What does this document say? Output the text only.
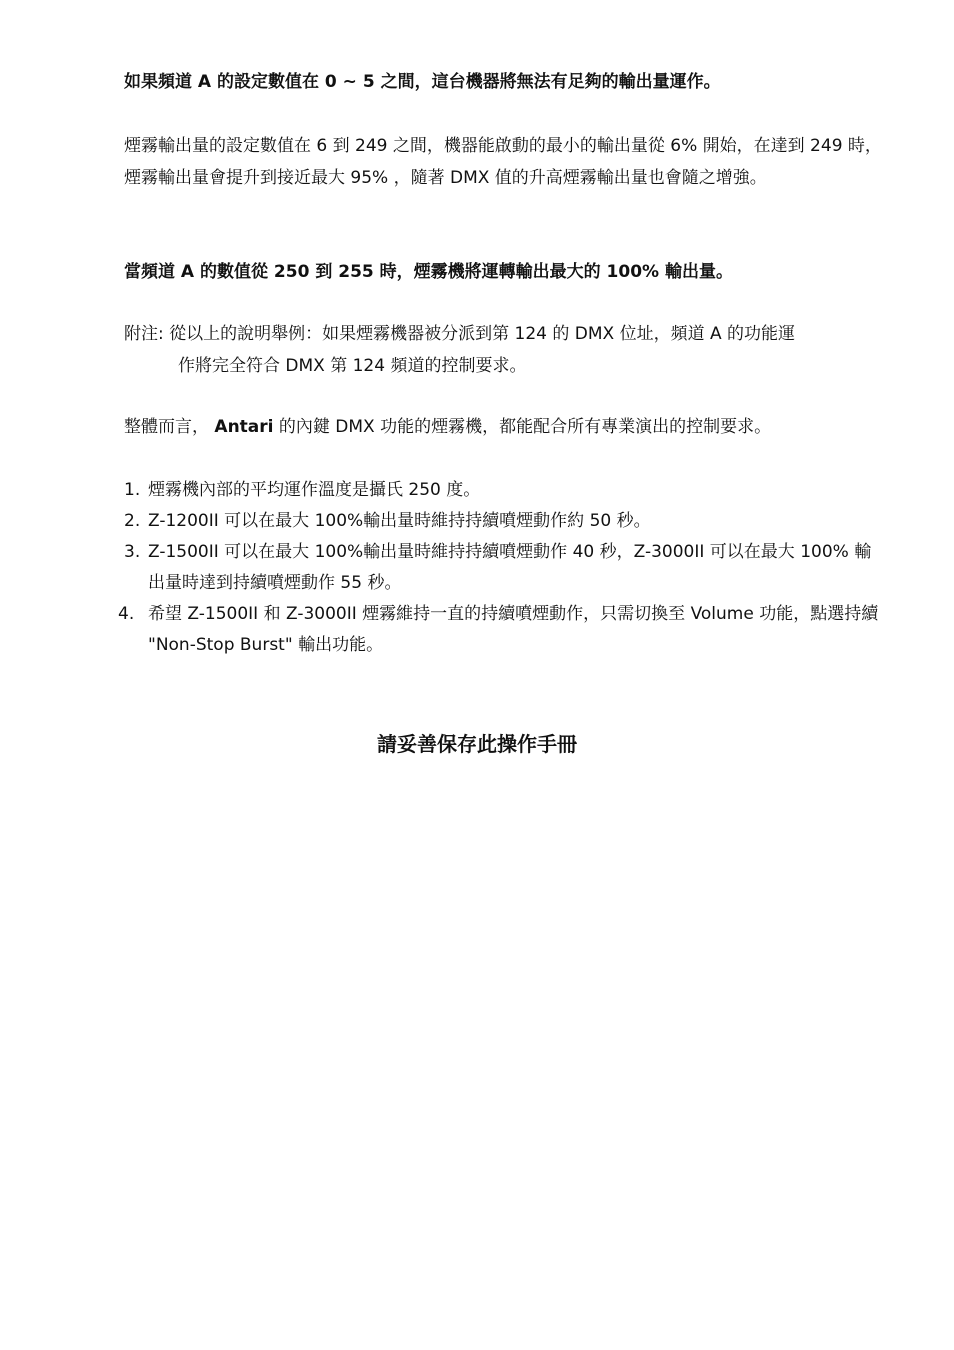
如果頻道 A 的設定數值在 0 ~ 5 之間，這台機器將無法有足夠的輸出量運作。
煙霧輸出量的設定數值在 6 到 249 之間，機器能啟動的最小的輸出量從 6% 開始，在達到 249 時，煙霧輸出量會提升到接近最大 95% ，隨著 DMX 值的升高煙霧輸出量也會隨之增強。
當頻道 A 的數值從 250 到 255 時，煙霧機將運轉輸出最大的 100% 輸出量。
附注: 從以上的說明舉例：如果煙霧機器被分派到第 124 的 DMX 位址，頻道 A 的功能運
作將完全符合 DMX 第 124 頻道的控制要求。
整體而言， Antari 的內鍵 DMX 功能的煙霧機，都能配合所有專業演出的控制要求。
1. 煙霧機內部的平均運作溫度是攝氏 250 度。
2. Z-1200II 可以在最大 100%輸出量時維持持續噴煙動作約 50 秒。
3. Z-1500II 可以在最大 100%輸出量時維持持續噴煙動作 40 秒，Z-3000II 可以在最大 100% 輸出量時達到持續噴煙動作 55 秒。
4. 希望 Z-1500II 和 Z-3000II 煙霧維持一直的持續噴煙動作，只需切換至 Volume 功能，點選持續 "Non-Stop Burst" 輸出功能。
請妥善保存此操作手冊
